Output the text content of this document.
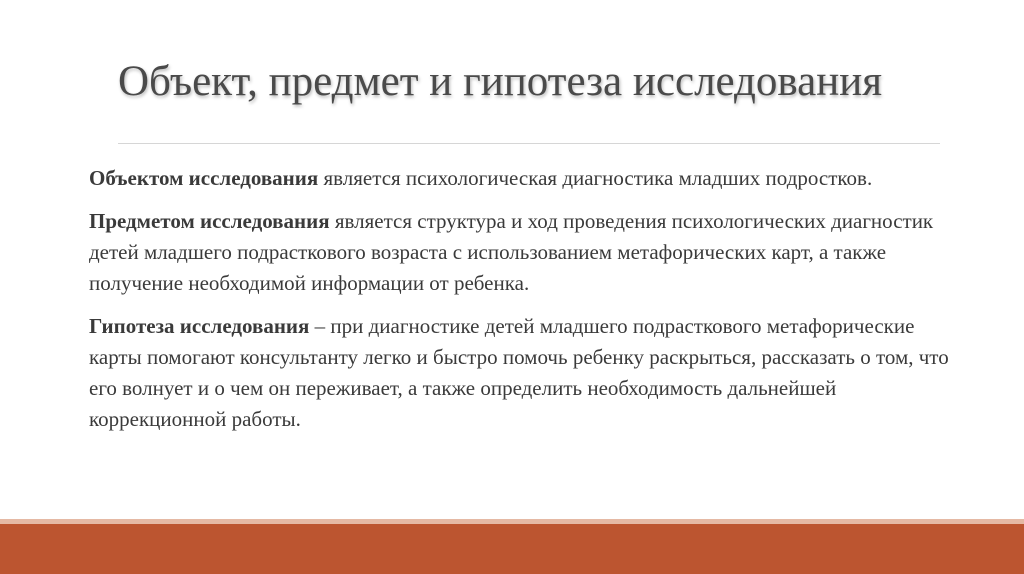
Объект, предмет и гипотеза исследования

Объектом исследования является психологическая диагностика младших подростков.

Предметом исследования является структура и ход проведения психологических диагностик детей младшего подрасткового возраста с использованием метафорических карт, а также получение необходимой информации от ребенка.

Гипотеза исследования – при диагностике детей младшего подрасткового метафорические карты помогают консультанту легко и быстро помочь ребенку раскрыться, рассказать о том, что его волнует и о чем он переживает, а также определить необходимость дальнейшей коррекционной работы.
